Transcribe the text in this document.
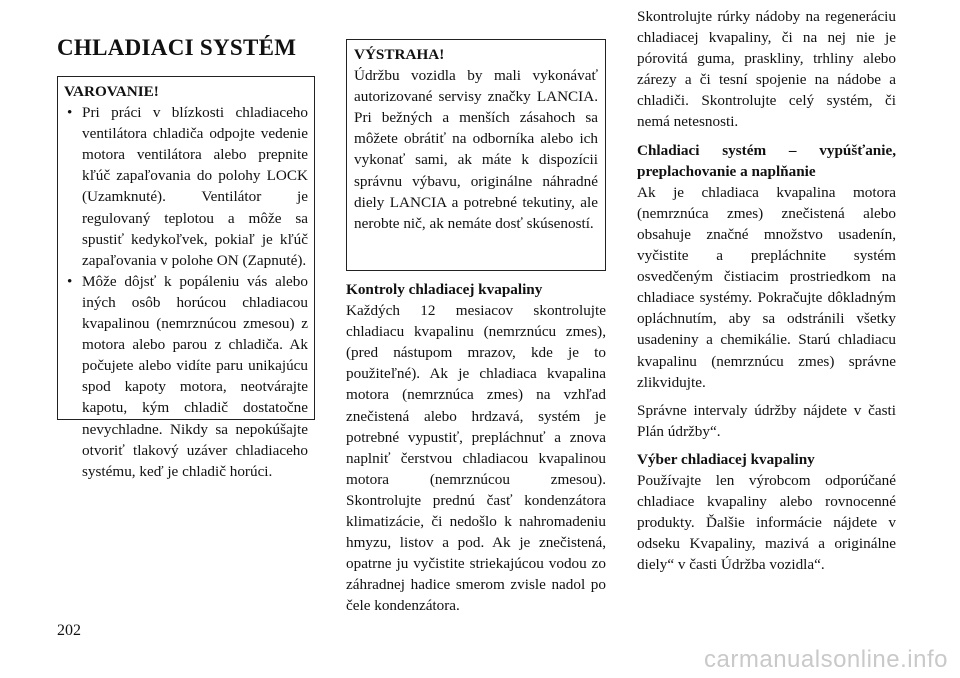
CHLADIACI SYSTÉM
VAROVANIE!
• Pri práci v blízkosti chladiaceho ventilátora chladiča odpojte vedenie motora ventilátora alebo prepnite kľúč zapaľovania do polohy LOCK (Uzamknuté). Ventilátor je regulovaný teplotou a môže sa spustiť kedykoľvek, pokiaľ je kľúč zapaľovania v polohe ON (Zapnuté).
• Môže dôjsť k popáleniu vás alebo iných osôb horúcou chladiacou kvapalinou (nemrznúcou zmesou) z motora alebo parou z chladiča. Ak počujete alebo vidíte paru unikajúcu spod kapoty motora, neotvárajte kapotu, kým chladič dostatočne nevychladne. Nikdy sa nepokúšajte otvoriť tlakový uzáver chladiaceho systému, keď je chladič horúci.
VÝSTRAHA!
Údržbu vozidla by mali vykonávať autorizované servisy značky LANCIA. Pri bežných a menších zásahoch sa môžete obrátiť na odborníka alebo ich vykonať sami, ak máte k dispozícii správnu výbavu, originálne náhradné diely LANCIA a potrebné tekutiny, ale nerobte nič, ak nemáte dosť skúseností.
Kontroly chladiacej kvapaliny

Každých 12 mesiacov skontrolujte chladiacu kvapalinu (nemrznúcu zmes), (pred nástupom mrazov, kde je to použiteľné). Ak je chladiaca kvapalina motora (nemrznúca zmes) na vzhľad znečistená alebo hrdzavá, systém je potrebné vypustiť, prepláchnuť a znova naplniť čerstvou chladiacou kvapalinou motora (nemrznúcou zmesou). Skontrolujte prednú časť kondenzátora klimatizácie, či nedošlo k nahromadeniu hmyzu, listov a pod. Ak je znečistená, opatrne ju vyčistite striekajúcou vodou zo záhradnej hadice smerom zvisle nadol po čele kondenzátora.

Skontrolujte rúrky nádoby na regeneráciu chladiacej kvapaliny, či na nej nie je pórovitá guma, praskliny, trhliny alebo zárezy a či tesní spojenie na nádobe a chladiči. Skontrolujte celý systém, či nemá netesnosti.

Chladiaci systém – vypúšťanie, preplachovanie a naplňanie

Ak je chladiaca kvapalina motora (nemrznúca zmes) znečistená alebo obsahuje značné množstvo usadenín, vyčistite a prepláchnite systém osvedčeným čistiacim prostriedkom na chladiace systémy. Pokračujte dôkladným opláchnutím, aby sa odstránili všetky usadeniny a chemikálie. Starú chladiacu kvapalinu (nemrznúcu zmes) správne zlikvidujte.

Správne intervaly údržby nájdete v časti Plán údržby“.

Výber chladiacej kvapaliny

Používajte len výrobcom odporúčané chladiace kvapaliny alebo rovnocenné produkty. Ďalšie informácie nájdete v odseku Kvapaliny, mazivá a originálne diely“ v časti Údržba vozidla“.

202
carmanualsonline.info
